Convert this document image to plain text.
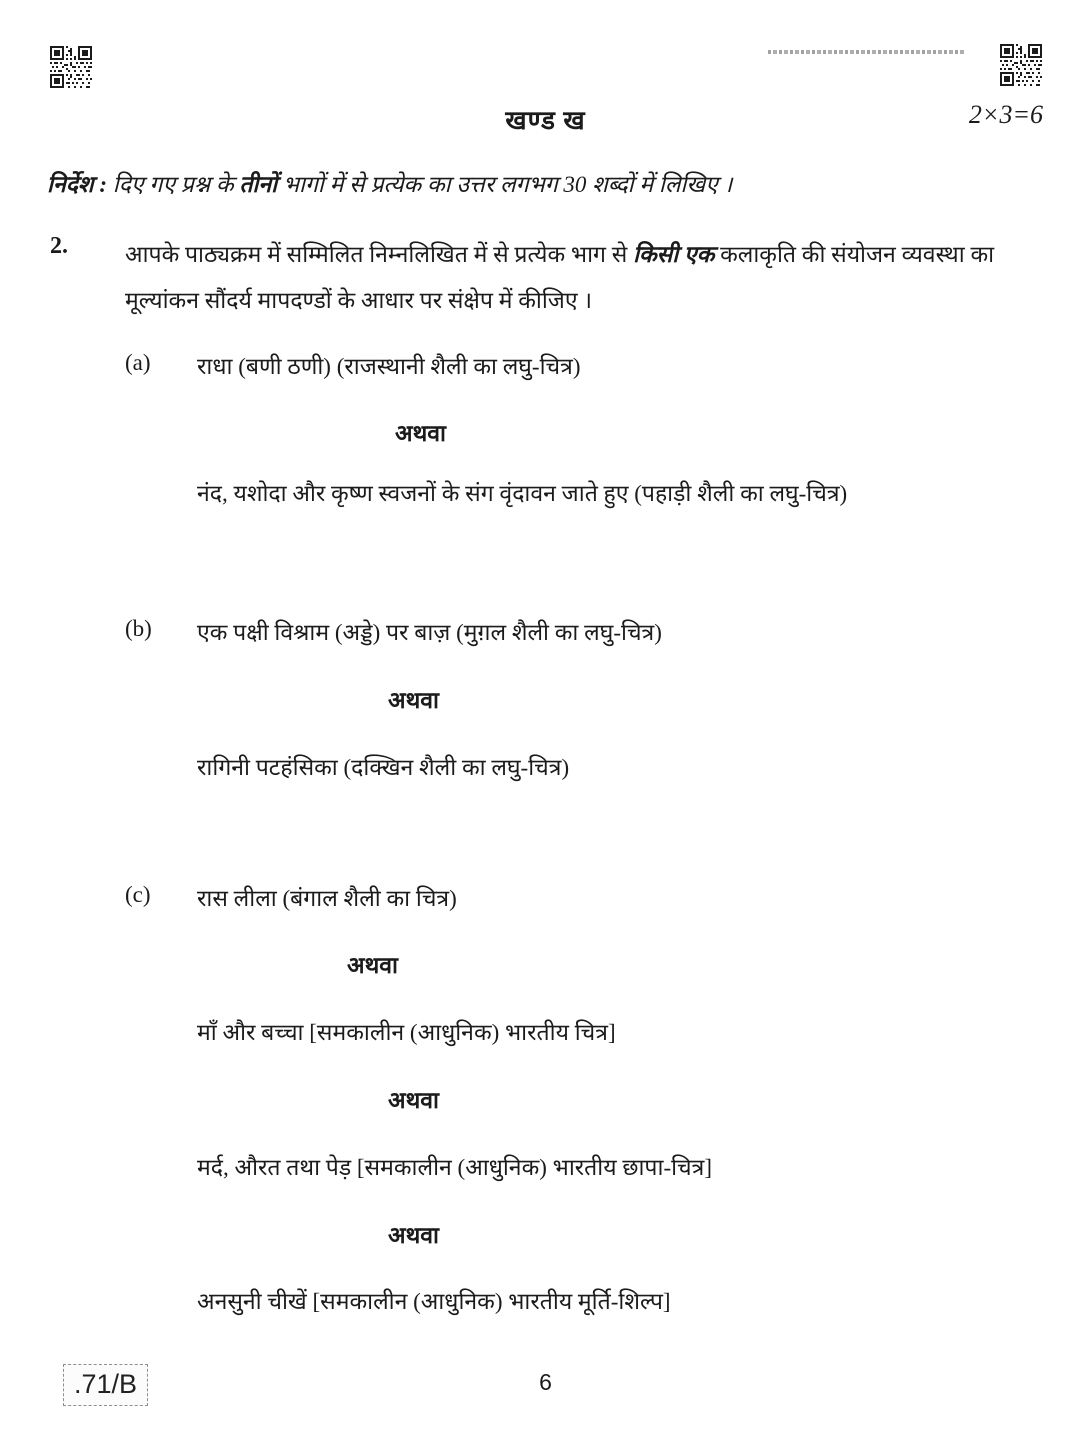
खण्ड ख	2×3=6
निर्देश : दिए गए प्रश्न के तीनों भागों में से प्रत्येक का उत्तर लगभग 30 शब्दों में लिखिए ।
2. आपके पाठ्यक्रम में सम्मिलित निम्नलिखित में से प्रत्येक भाग से किसी एक कलाकृति की संयोजन व्यवस्था का मूल्यांकन सौंदर्य मापदण्डों के आधार पर संक्षेप में कीजिए ।
(a) राधा (बणी ठणी) (राजस्थानी शैली का लघु-चित्र)
अथवा
नंद, यशोदा और कृष्ण स्वजनों के संग वृंदावन जाते हुए (पहाड़ी शैली का लघु-चित्र)
(b) एक पक्षी विश्राम (अड्डे) पर बाज़ (मुग़ल शैली का लघु-चित्र)
अथवा
रागिनी पटहंसिका (दक्खिन शैली का लघु-चित्र)
(c) रास लीला (बंगाल शैली का चित्र)
अथवा
माँ और बच्चा [समकालीन (आधुनिक) भारतीय चित्र]
अथवा
मर्द, औरत तथा पेड़ [समकालीन (आधुनिक) भारतीय छापा-चित्र]
अथवा
अनसुनी चीखें [समकालीन (आधुनिक) भारतीय मूर्ति-शिल्प]
.71/B	6
